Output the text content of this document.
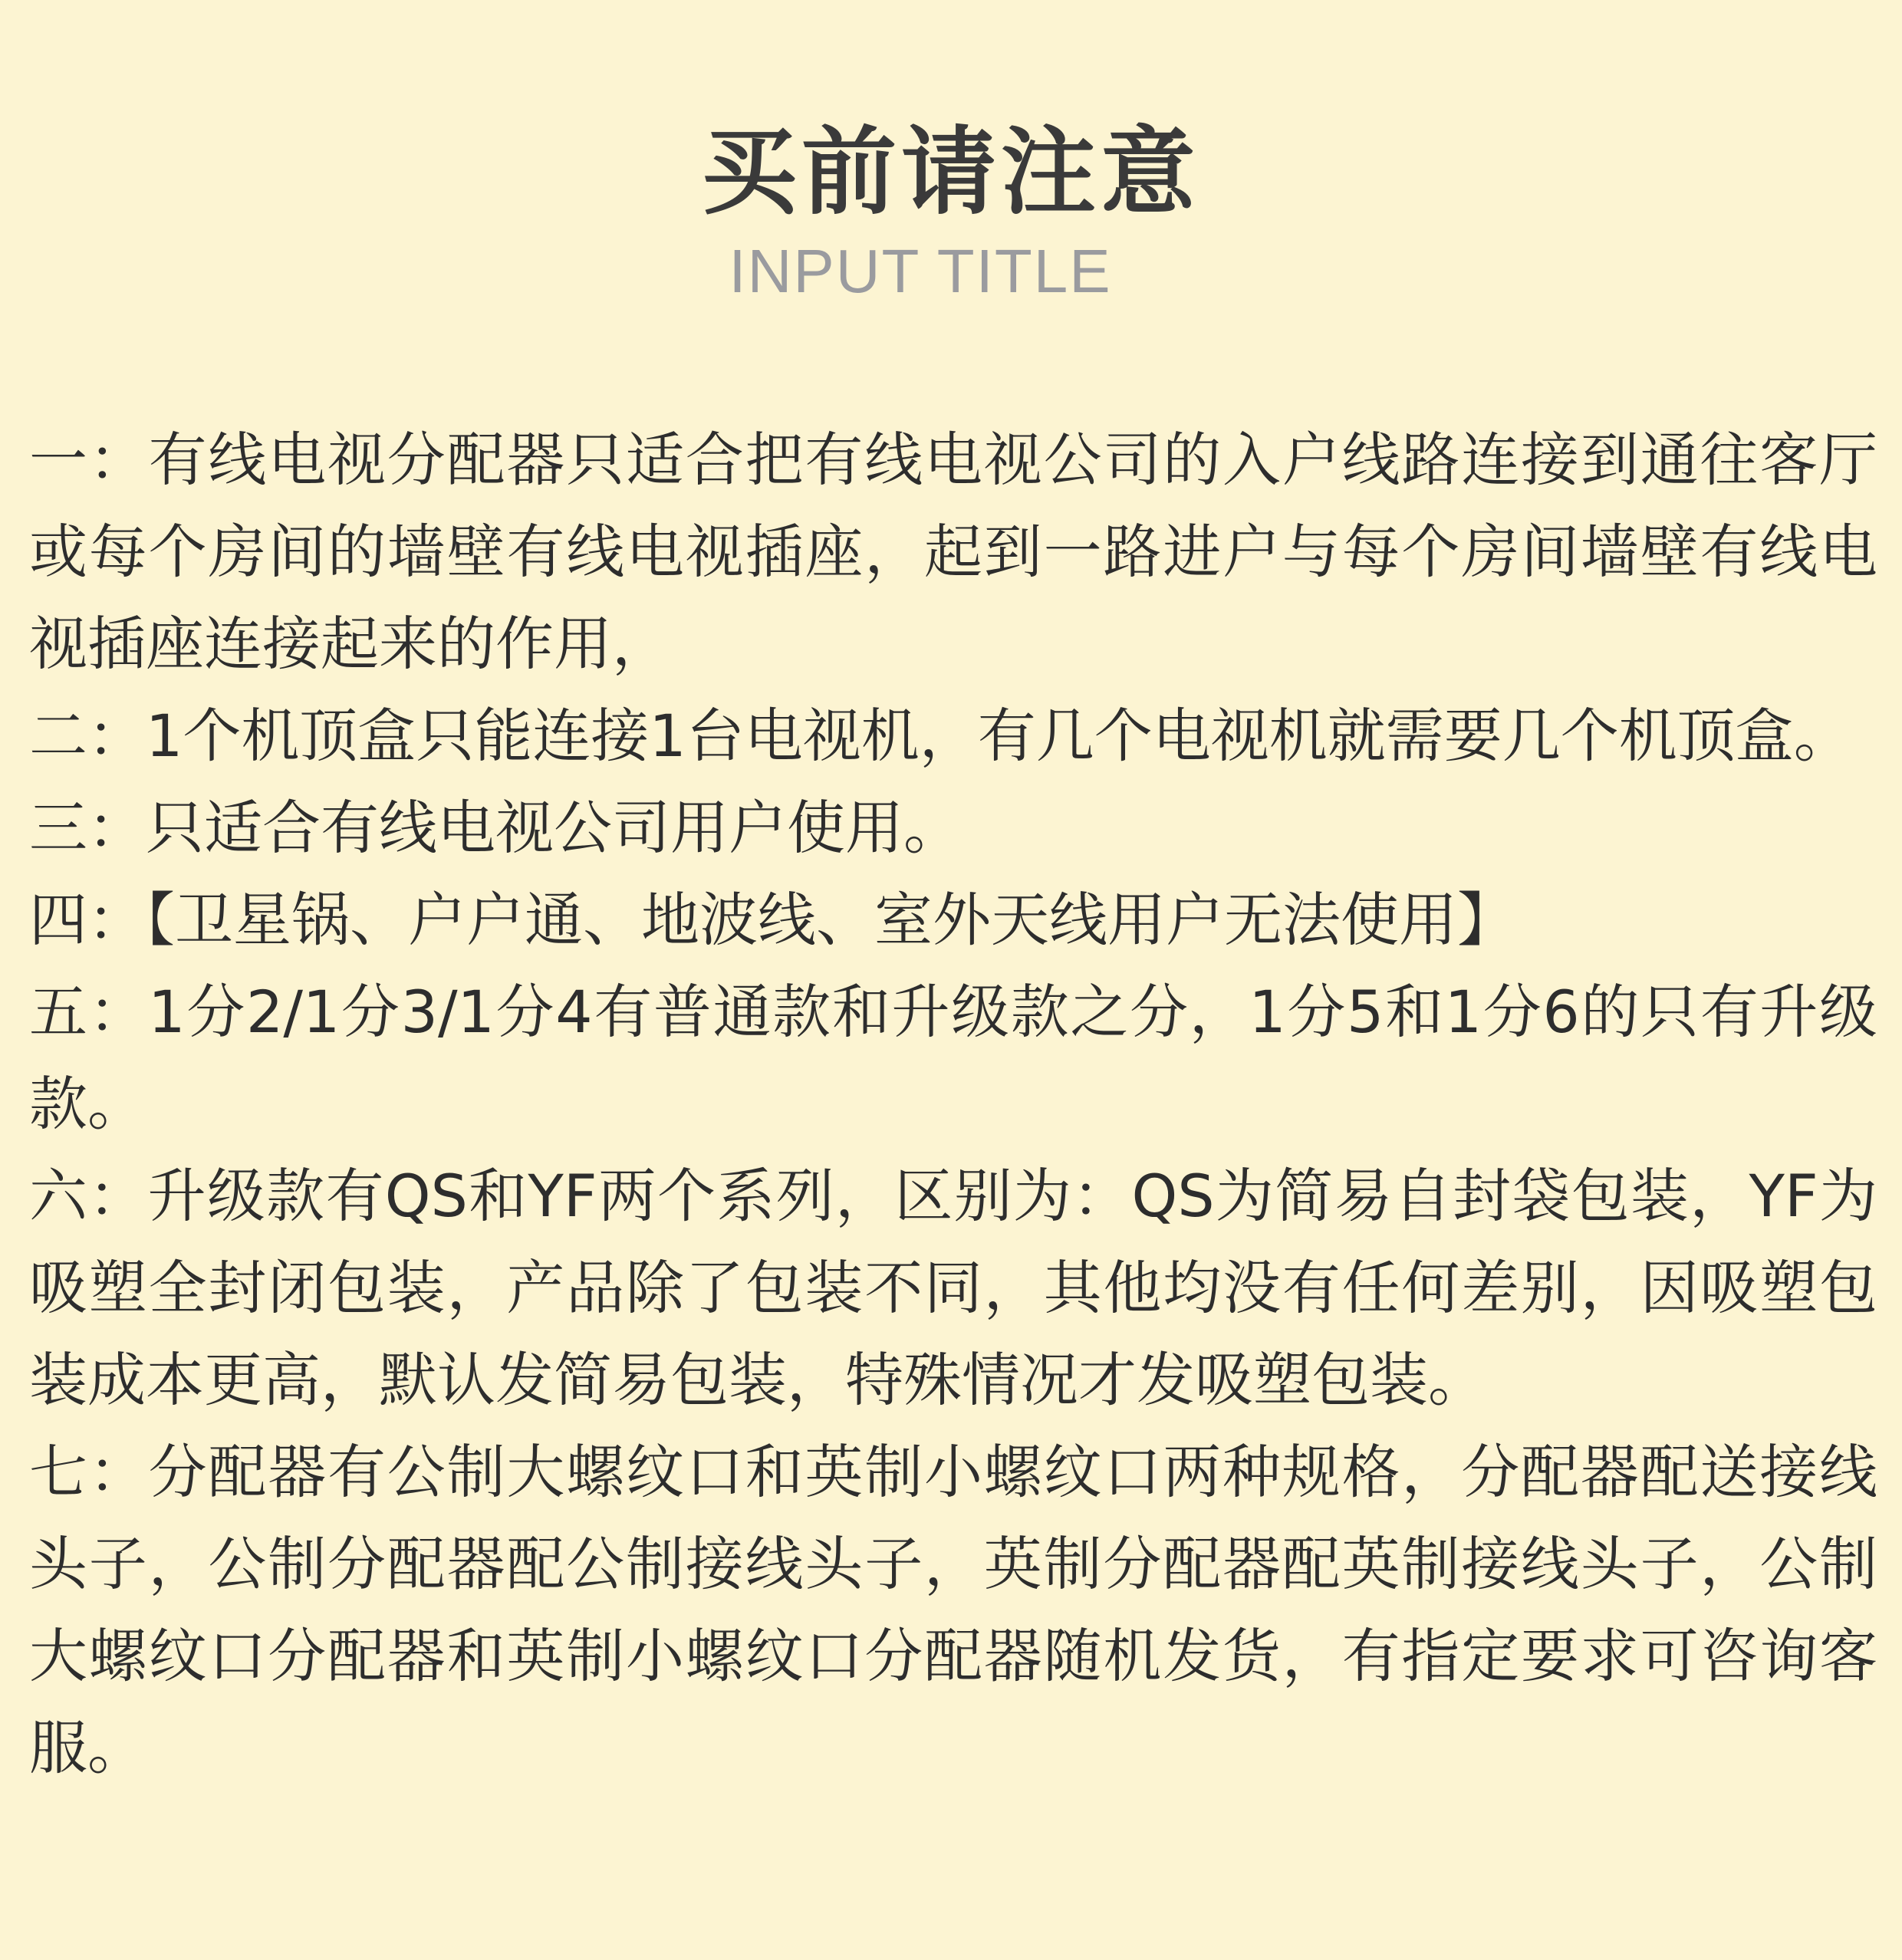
买前请注意
INPUT TITLE

一：有线电视分配器只适合把有线电视公司的入户线路连接到通往客厅或每个房间的墙壁有线电视插座，起到一路进户与每个房间墙壁有线电视插座连接起来的作用，

二：1个机顶盒只能连接1台电视机，有几个电视机就需要几个机顶盒。

三：只适合有线电视公司用户使用。

四：【卫星锅、户户通、地波线、室外天线用户无法使用】

五：1分2/1分3/1分4有普通款和升级款之分，1分5和1分6的只有升级款。

六：升级款有QS和YF两个系列，区别为：QS为简易自封袋包装，YF为吸塑全封闭包装，产品除了包装不同，其他均没有任何差别，因吸塑包装成本更高，默认发简易包装，特殊情况才发吸塑包装。

七：分配器有公制大螺纹口和英制小螺纹口两种规格，分配器配送接线头子，公制分配器配公制接线头子，英制分配器配英制接线头子，公制大螺纹口分配器和英制小螺纹口分配器随机发货，有指定要求可咨询客服。
